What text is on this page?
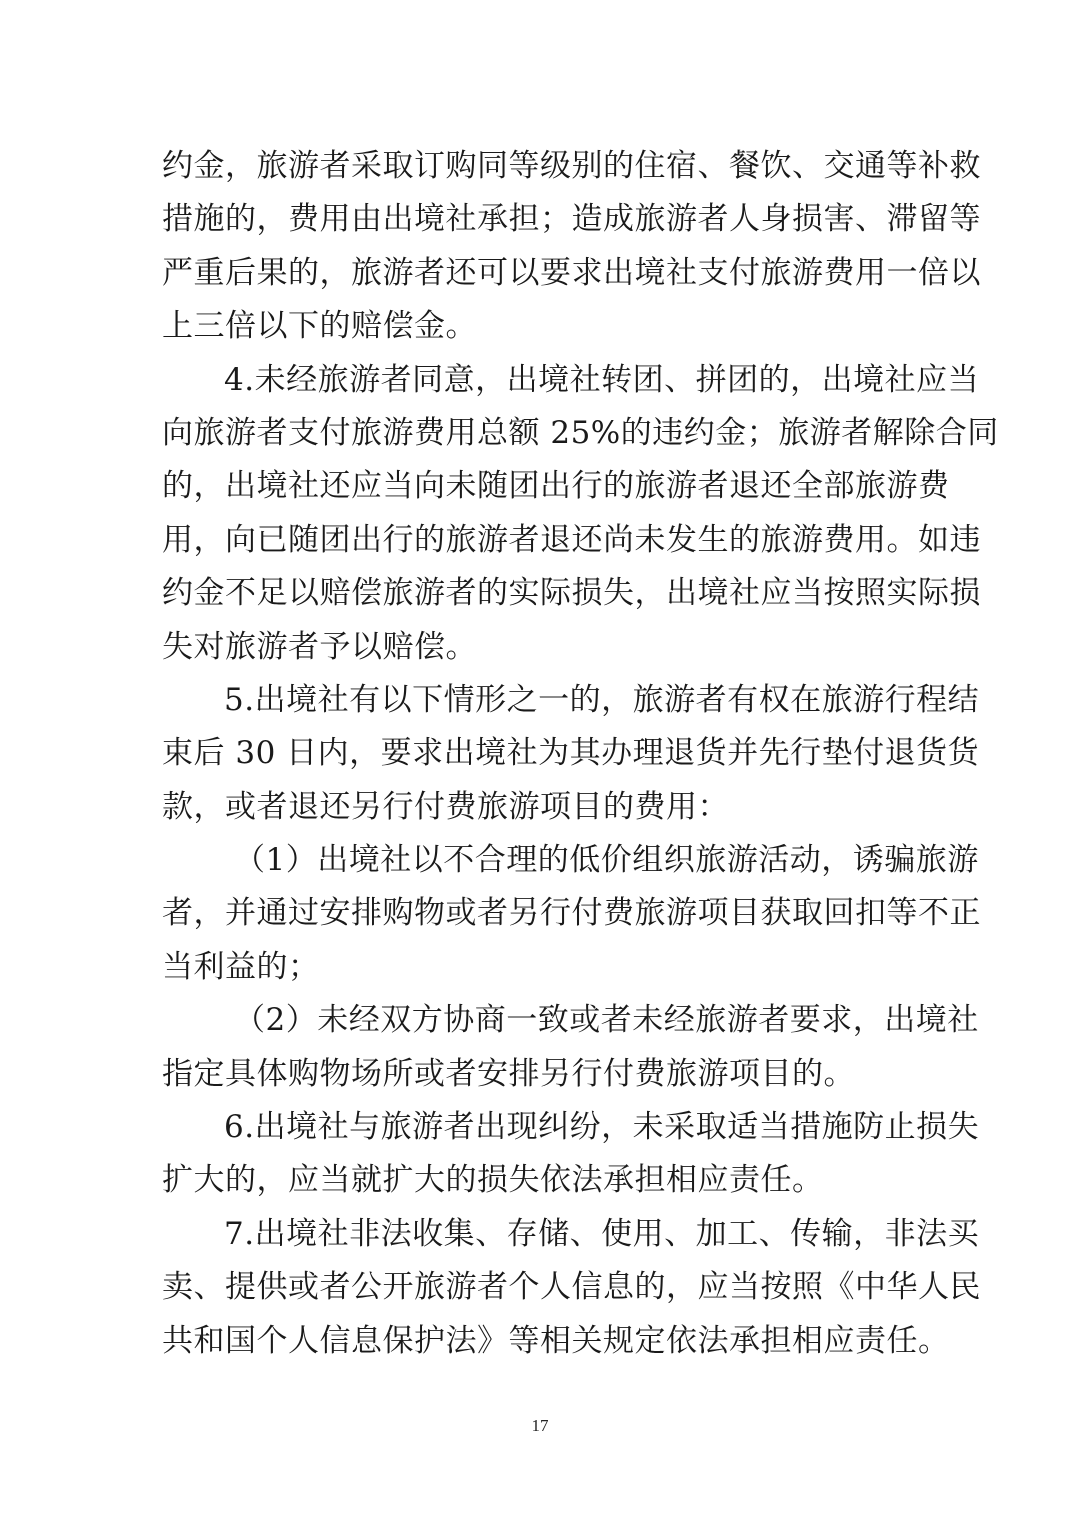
约金，旅游者采取订购同等级别的住宿、餐饮、交通等补救
措施的，费用由出境社承担；造成旅游者人身损害、滞留等
严重后果的，旅游者还可以要求出境社支付旅游费用一倍以
上三倍以下的赔偿金。
4.未经旅游者同意，出境社转团、拼团的，出境社应当
向旅游者支付旅游费用总额 25%的违约金；旅游者解除合同
的，出境社还应当向未随团出行的旅游者退还全部旅游费
用，向已随团出行的旅游者退还尚未发生的旅游费用。如违
约金不足以赔偿旅游者的实际损失，出境社应当按照实际损
失对旅游者予以赔偿。
5.出境社有以下情形之一的，旅游者有权在旅游行程结
束后 30 日内，要求出境社为其办理退货并先行垫付退货货
款，或者退还另行付费旅游项目的费用：
（1）出境社以不合理的低价组织旅游活动，诱骗旅游
者，并通过安排购物或者另行付费旅游项目获取回扣等不正
当利益的；
（2）未经双方协商一致或者未经旅游者要求，出境社
指定具体购物场所或者安排另行付费旅游项目的。
6.出境社与旅游者出现纠纷，未采取适当措施防止损失
扩大的，应当就扩大的损失依法承担相应责任。
7.出境社非法收集、存储、使用、加工、传输，非法买
卖、提供或者公开旅游者个人信息的，应当按照《中华人民
共和国个人信息保护法》等相关规定依法承担相应责任。
17
